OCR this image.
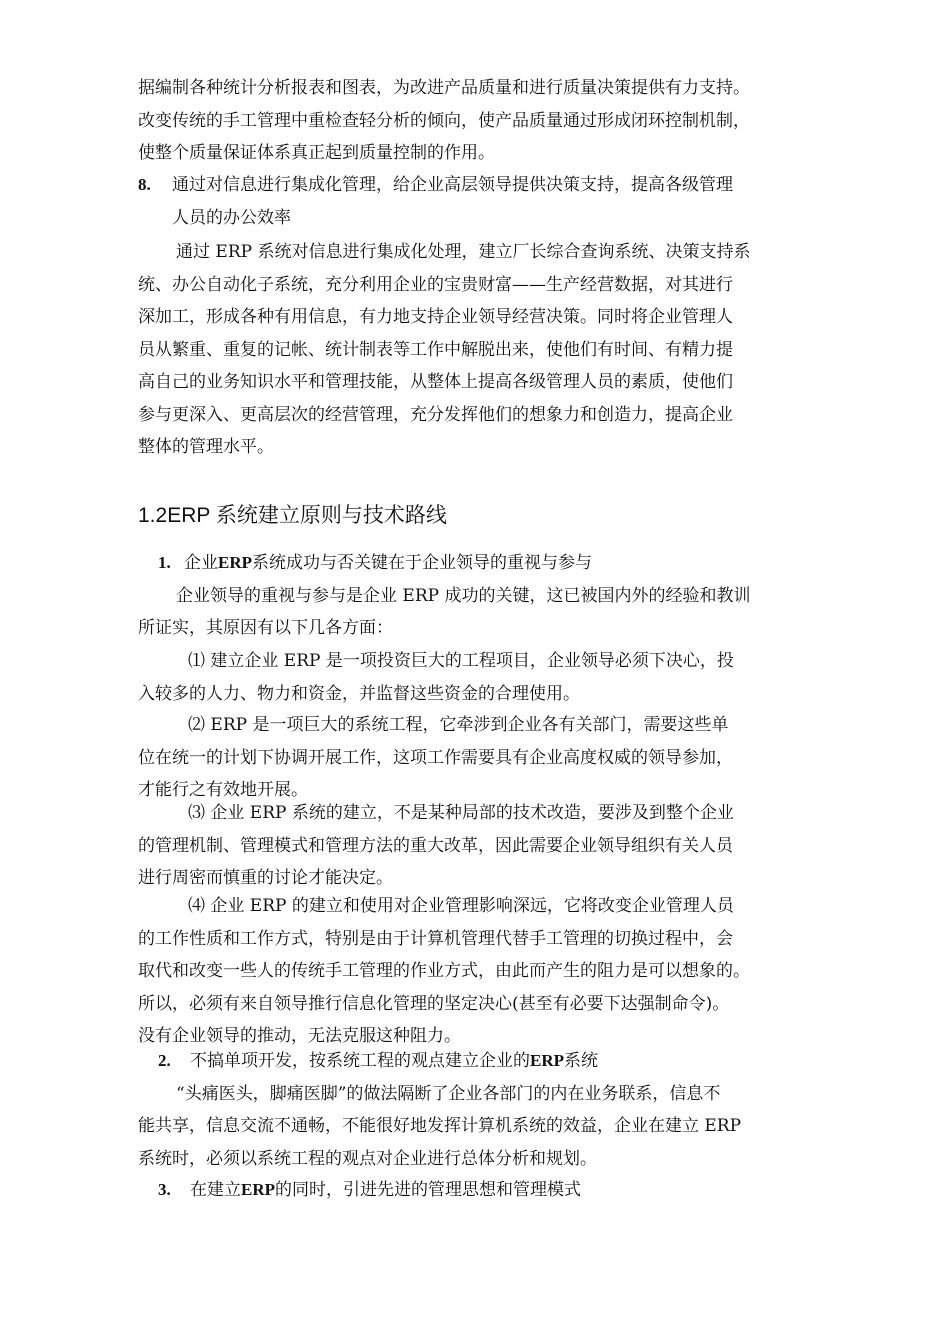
据编制各种统计分析报表和图表，为改进产品质量和进行质量决策提供有力支持。
改变传统的手工管理中重检查轻分析的倾向，使产品质量通过形成闭环控制机制，
使整个质量保证体系真正起到质量控制的作用。
8. 通过对信息进行集成化管理，给企业高层领导提供决策支持，提高各级管理
人员的办公效率
通过 ERP 系统对信息进行集成化处理，建立厂长综合查询系统、决策支持系
统、办公自动化子系统，充分利用企业的宝贵财富——生产经营数据，对其进行
深加工，形成各种有用信息，有力地支持企业领导经营决策。同时将企业管理人
员从繁重、重复的记帐、统计制表等工作中解脱出来，使他们有时间、有精力提
高自己的业务知识水平和管理技能，从整体上提高各级管理人员的素质，使他们
参与更深入、更高层次的经营管理，充分发挥他们的想象力和创造力，提高企业
整体的管理水平。
1.2ERP 系统建立原则与技术路线
1. 企业ERP系统成功与否关键在于企业领导的重视与参与
企业领导的重视与参与是企业 ERP 成功的关键，这已被国内外的经验和教训
所证实，其原因有以下几各方面：
⑴ 建立企业 ERP 是一项投资巨大的工程项目，企业领导必须下决心，投
入较多的人力、物力和资金，并监督这些资金的合理使用。
⑵ ERP 是一项巨大的系统工程，它牵涉到企业各有关部门，需要这些单
位在统一的计划下协调开展工作，这项工作需要具有企业高度权威的领导参加，
才能行之有效地开展。
⑶ 企业 ERP 系统的建立，不是某种局部的技术改造，要涉及到整个企业
的管理机制、管理模式和管理方法的重大改革，因此需要企业领导组织有关人员
进行周密而慎重的讨论才能决定。
⑷ 企业 ERP 的建立和使用对企业管理影响深远，它将改变企业管理人员
的工作性质和工作方式，特别是由于计算机管理代替手工管理的切换过程中，会
取代和改变一些人的传统手工管理的作业方式，由此而产生的阻力是可以想象的。
所以，必须有来自领导推行信息化管理的坚定决心(甚至有必要下达强制命令)。
没有企业领导的推动，无法克服这种阻力。
2. 不搞单项开发，按系统工程的观点建立企业的ERP系统
“头痛医头，脚痛医脚”的做法隔断了企业各部门的内在业务联系，信息不
能共享，信息交流不通畅，不能很好地发挥计算机系统的效益，企业在建立 ERP
系统时，必须以系统工程的观点对企业进行总体分析和规划。
3. 在建立ERP的同时，引进先进的管理思想和管理模式
